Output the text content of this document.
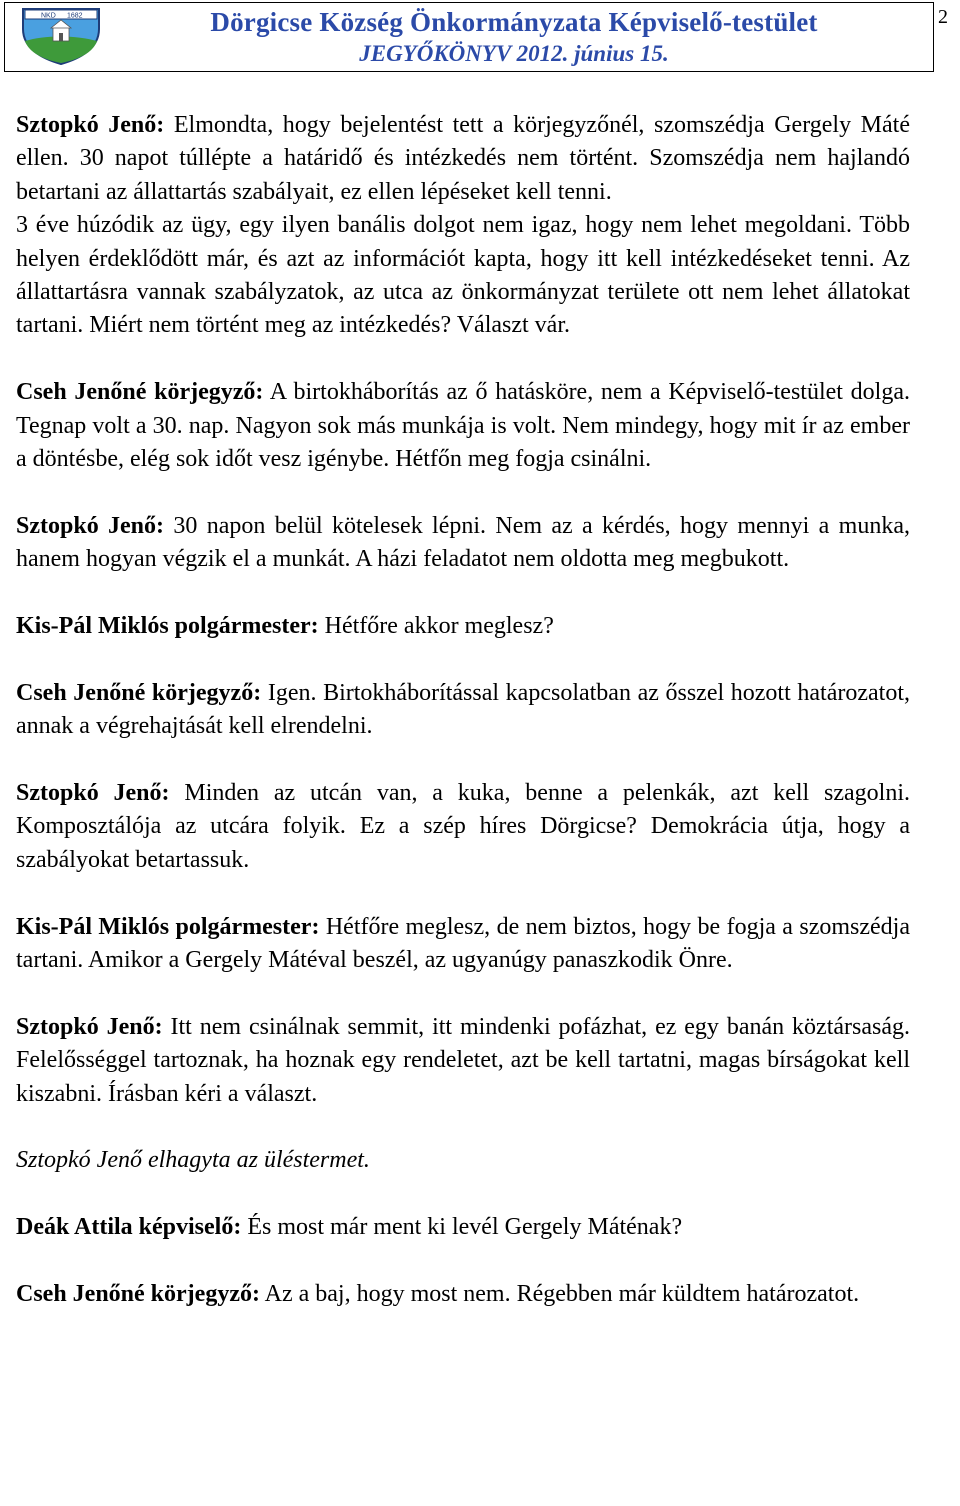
NKD 1682	Dörgicse Község Önkormányzata Képviselő-testület
JEGYŐKÖNYV 2012. június 15.
2

Sztopkó Jenő: Elmondta, hogy bejelentést tett a körjegyzőnél, szomszédja Gergely Máté ellen. 30 napot túllépte a határidő és intézkedés nem történt. Szomszédja nem hajlandó betartani az állattartás szabályait, ez ellen lépéseket kell tenni.

3 éve húzódik az ügy, egy ilyen banális dolgot nem igaz, hogy nem lehet megoldani. Több helyen érdeklődött már, és azt az információt kapta, hogy itt kell intézkedéseket tenni. Az állattartásra vannak szabályzatok, az utca az önkormányzat területe ott nem lehet állatokat tartani. Miért nem történt meg az intézkedés? Választ vár.

Cseh Jenőné körjegyző: A birtokháborítás az ő hatásköre, nem a Képviselő-testület dolga. Tegnap volt a 30. nap. Nagyon sok más munkája is volt. Nem mindegy, hogy mit ír az ember a döntésbe, elég sok időt vesz igénybe. Hétfőn meg fogja csinálni.

Sztopkó Jenő: 30 napon belül kötelesek lépni. Nem az a kérdés, hogy mennyi a munka, hanem hogyan végzik el a munkát. A házi feladatot nem oldotta meg megbukott.

Kis-Pál Miklós polgármester: Hétfőre akkor meglesz?

Cseh Jenőné körjegyző: Igen. Birtokháborítással kapcsolatban az ősszel hozott határozatot, annak a végrehajtását kell elrendelni.

Sztopkó Jenő: Minden az utcán van, a kuka, benne a pelenkák, azt kell szagolni. Komposztálója az utcára folyik. Ez a szép híres Dörgicse? Demokrácia útja, hogy a szabályokat betartassuk.

Kis-Pál Miklós polgármester: Hétfőre meglesz, de nem biztos, hogy be fogja a szomszédja tartani. Amikor a Gergely Mátéval beszél, az ugyanúgy panaszkodik Önre.

Sztopkó Jenő: Itt nem csinálnak semmit, itt mindenki pofázhat, ez egy banán köztársaság. Felelősséggel tartoznak, ha hoznak egy rendeletet, azt be kell tartatni, magas bírságokat kell kiszabni. Írásban kéri a választ.

Sztopkó Jenő elhagyta az üléstermet.

Deák Attila képviselő: És most már ment ki levél Gergely Máténak?

Cseh Jenőné körjegyző: Az a baj, hogy most nem. Régebben már küldtem határozatot.
